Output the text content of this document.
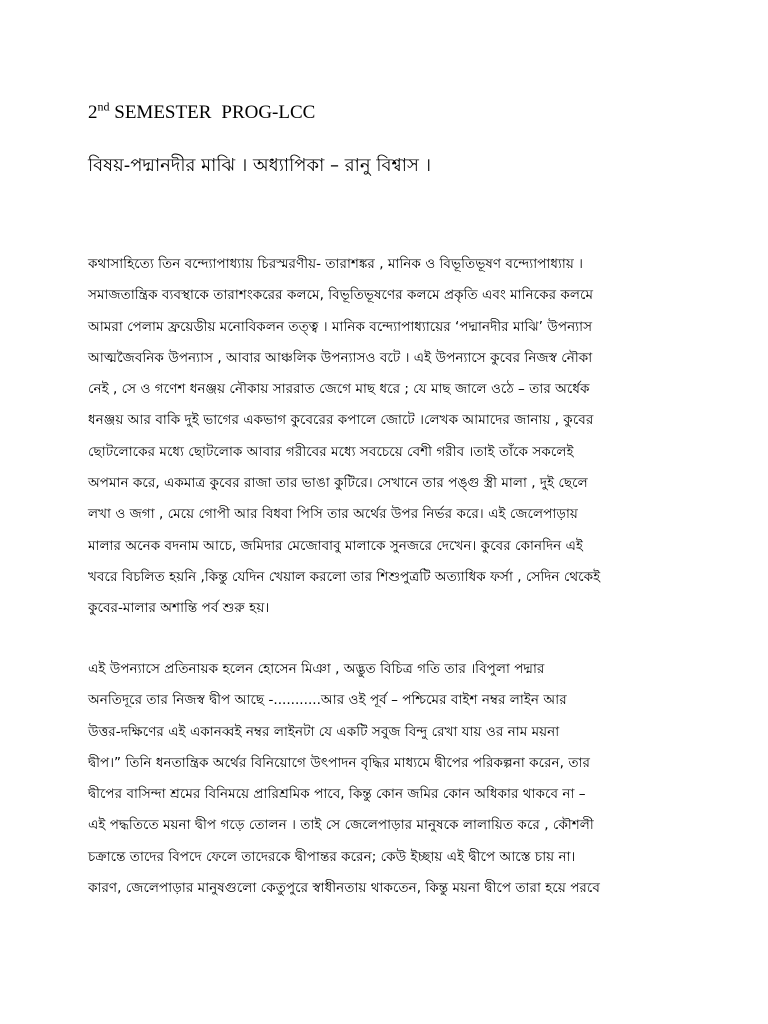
2nd SEMESTER PROG-LCC
বিষয়-পদ্মানদীর মাঝি । অধ্যাপিকা – রানু বিশ্বাস ।
কথাসাহিত্যে তিন বন্দ্যোপাধ্যায় চিরস্মরণীয়- তারাশঙ্কর , মানিক ও বিভূতিভূষণ বন্দ্যোপাধ্যায় ।
সমাজতান্ত্রিক ব্যবস্থাকে তারাশংকরের কলমে, বিভূতিভূষণের কলমে প্রকৃতি এবং মানিকের কলমে
আমরা পেলাম ফ্রয়েডীয় মনোবিকলন তত্ত্ব । মানিক বন্দ্যোপাধ্যায়ের ‘পদ্মানদীর মাঝি’ উপন্যাস
আত্মজৈবনিক উপন্যাস , আবার আঞ্চলিক উপন্যাসও বটে । এই উপন্যাসে কুবের নিজস্ব নৌকা
নেই , সে ও গণেশ ধনঞ্জয় নৌকায় সাররাত জেগে মাছ ধরে ; যে মাছ জালে ওঠে – তার অর্ধেক
ধনঞ্জয় আর বাকি দুই ভাগের একভাগ কুবেরের কপালে জোটে ।লেখক আমাদের জানায় , কুবের
ছোটলোকের মধ্যে ছোটলোক আবার গরীবের মধ্যে সবচেয়ে বেশী গরীব ।তাই তাঁকে সকলেই
অপমান করে, একমাত্র কুবের রাজা তার ভাঙা কুটিরে। সেখানে তার পঙ্গু স্ত্রী মালা , দুই ছেলে
লখা ও জগা , মেয়ে গোপী আর বিধবা পিসি তার অর্থের উপর নির্ভর করে। এই জেলেপাড়ায়
মালার অনেক বদনাম আচে, জমিদার মেজোবাবু মালাকে সুনজরে দেখেন। কুবের কোনদিন এই
খবরে বিচলিত হয়নি ,কিন্তু যেদিন খেয়াল করলো তার শিশুপুত্রটি অত্যাধিক ফর্সা , সেদিন থেকেই
কুবের-মালার অশান্তি পর্ব শুরু হয়।
এই উপন্যাসে প্রতিনায়ক হলেন হোসেন মিঞা , অদ্ভুত বিচিত্র গতি তার ।বিপুলা পদ্মার
অনতিদূরে তার নিজস্ব দ্বীপ আছে -...........আর ওই পূর্ব – পশ্চিমের বাইশ নম্বর লাইন আর
উত্তর-দক্ষিণের এই একানব্বই নম্বর লাইনটা যে একটি সবুজ বিন্দু রেখা যায় ওর নাম ময়না
দ্বীপ।” তিনি ধনতান্ত্রিক অর্থের বিনিয়োগে উৎপাদন বৃদ্ধির মাধ্যমে দ্বীপের পরিকল্পনা করেন, তার
দ্বীপের বাসিন্দা শ্রমের বিনিময়ে প্রারিশ্রমিক পাবে, কিন্তু কোন জমির কোন অধিকার থাকবে না –
এই পদ্ধতিতে ময়না দ্বীপ গড়ে তোলন । তাই সে জেলেপাড়ার মানুষকে লালায়িত করে , কৌশলী
চক্রান্তে তাদের বিপদে ফেলে তাদেরকে দ্বীপান্তর করেন; কেউ ইচ্ছায় এই দ্বীপে আস্তে চায় না।
কারণ, জেলেপাড়ার মানুষগুলো কেতুপুরে স্বাধীনতায় থাকতেন, কিন্তু ময়না দ্বীপে তারা হয়ে পরবে
